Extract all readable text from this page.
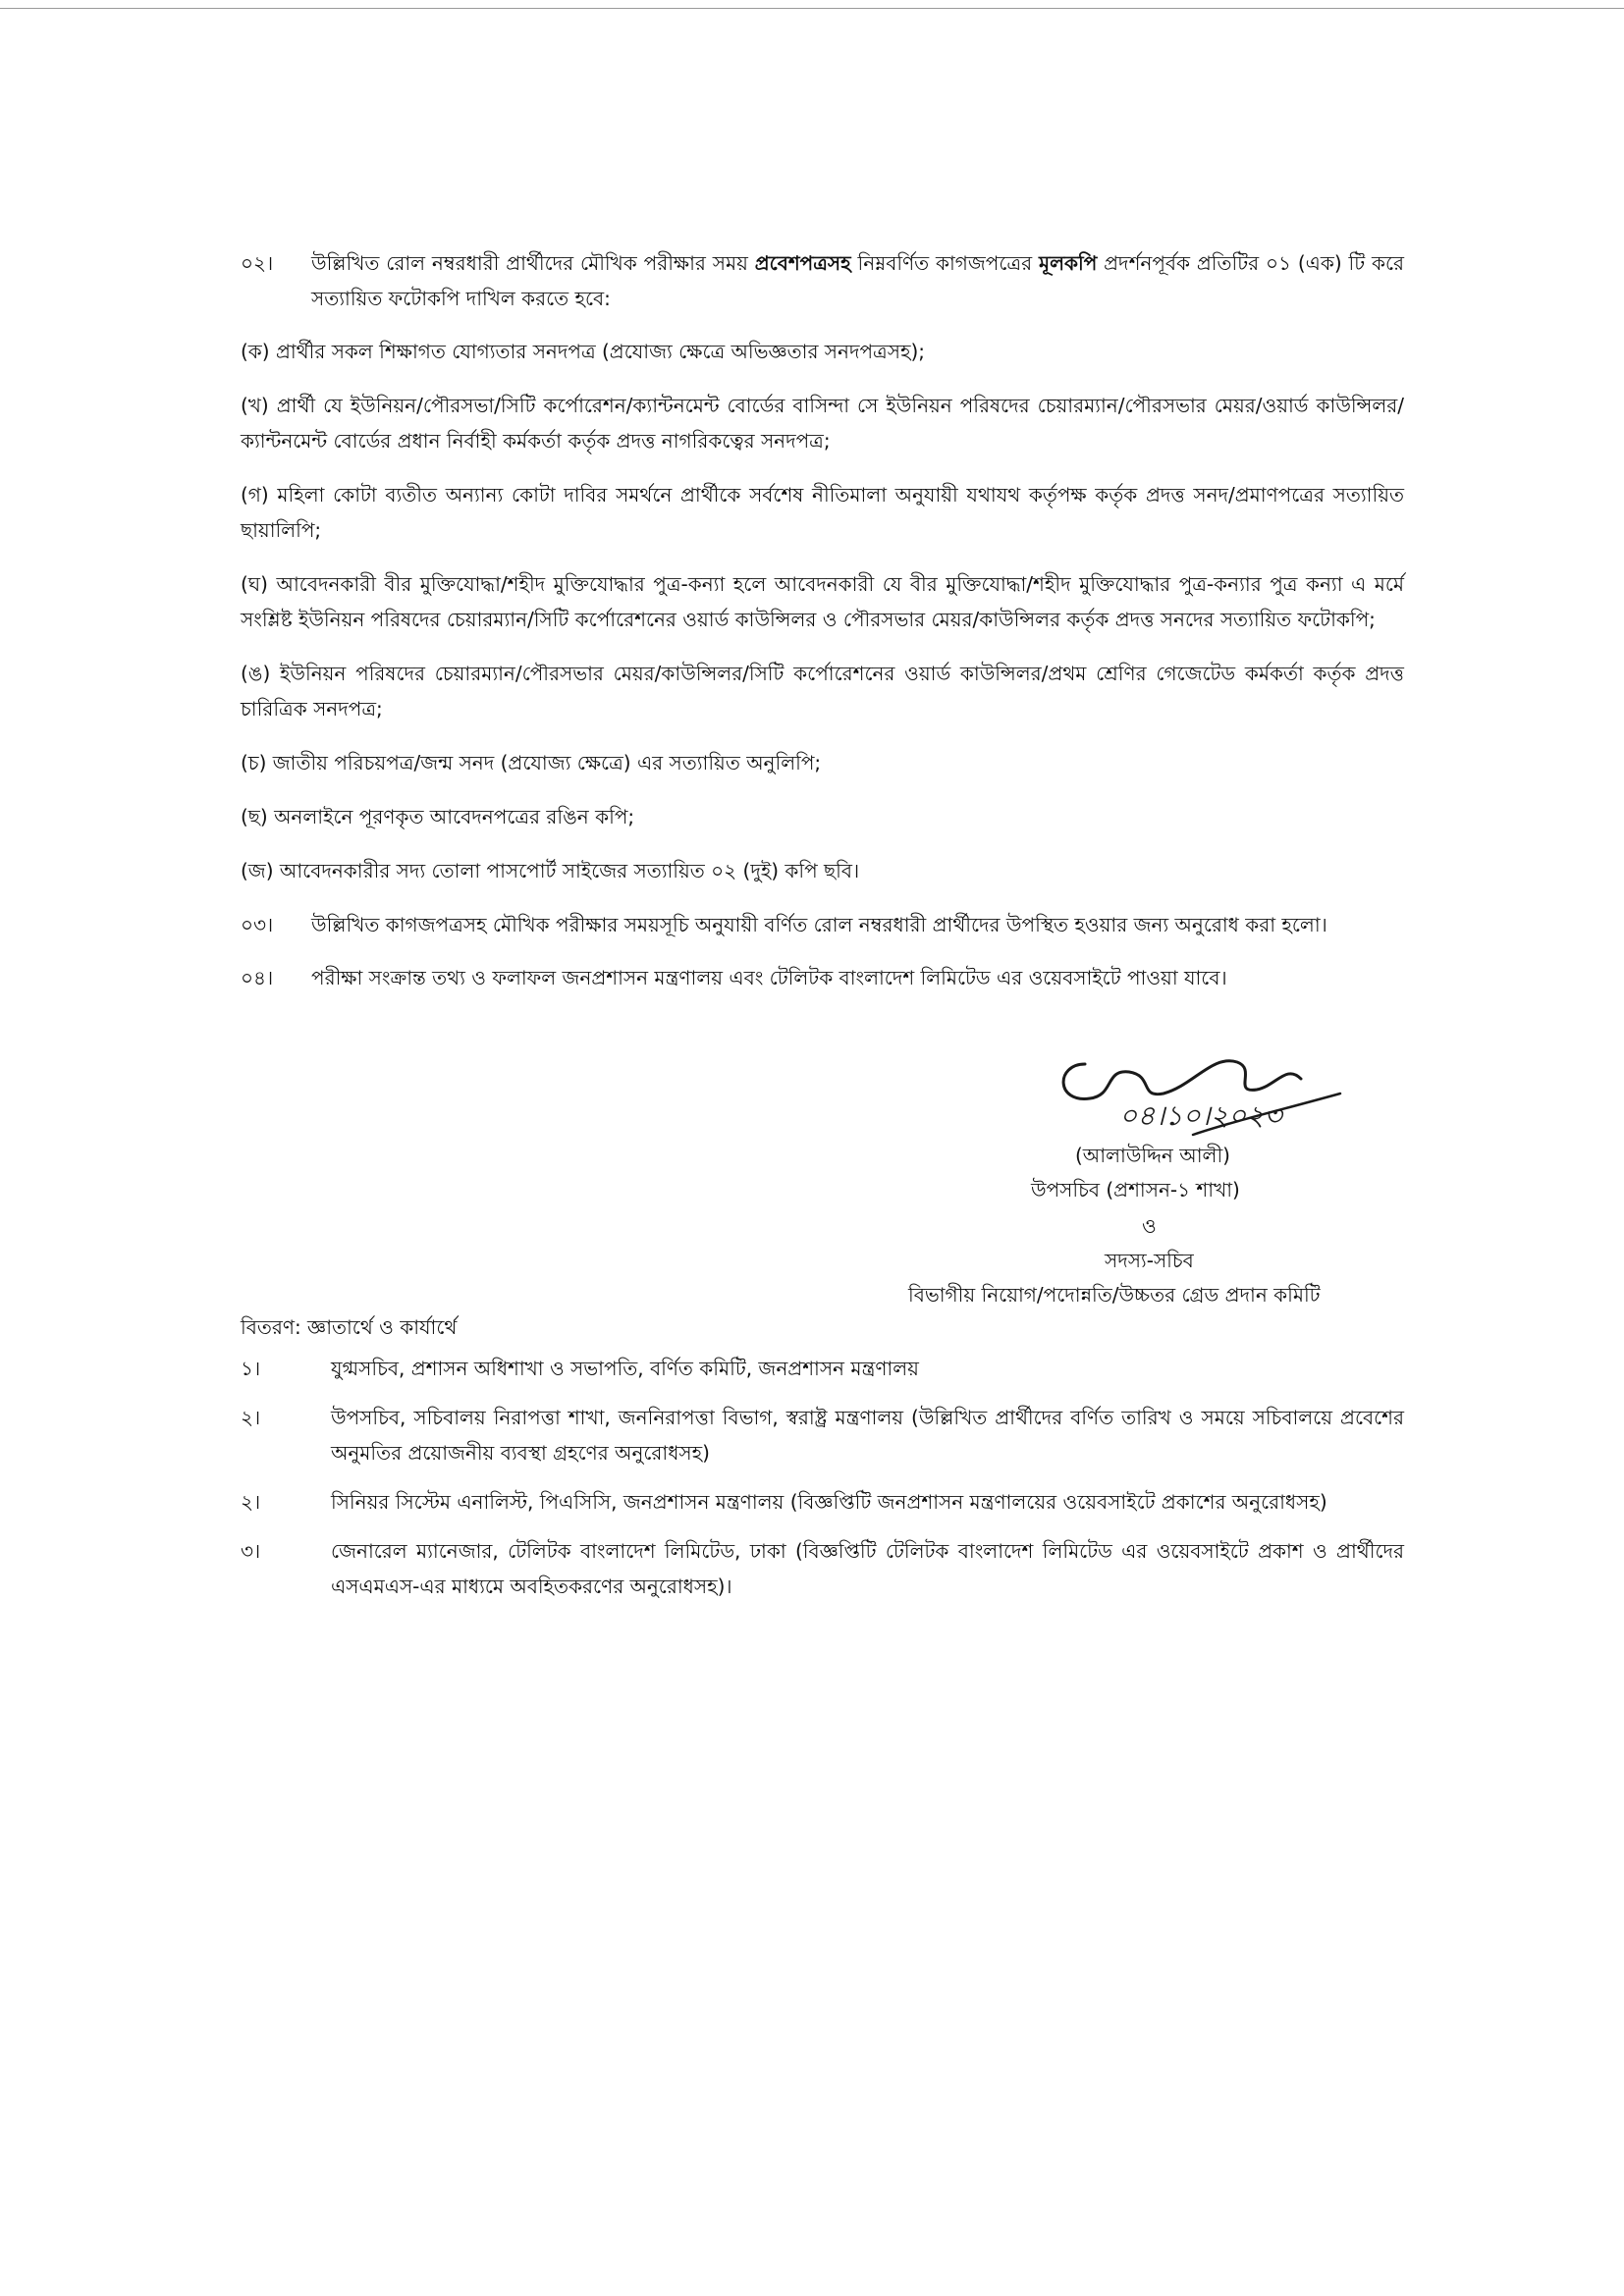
০২।	উল্লিখিত রোল নম্বরধারী প্রার্থীদের মৌখিক পরীক্ষার সময় প্রবেশপত্রসহ নিম্নবর্ণিত কাগজপত্রের মূলকপি প্রদর্শনপূর্বক প্রতিটির ০১ (এক) টি করে সত্যায়িত ফটোকপি দাখিল করতে হবে:
(ক) প্রার্থীর সকল শিক্ষাগত যোগ্যতার সনদপত্র (প্রযোজ্য ক্ষেত্রে অভিজ্ঞতার সনদপত্রসহ);
(খ) প্রার্থী যে ইউনিয়ন/পৌরসভা/সিটি কর্পোরেশন/ক্যান্টনমেন্ট বোর্ডের বাসিন্দা সে ইউনিয়ন পরিষদের চেয়ারম্যান/পৌরসভার মেয়র/ওয়ার্ড কাউন্সিলর/ক্যান্টনমেন্ট বোর্ডের প্রধান নির্বাহী কর্মকর্তা কর্তৃক প্রদত্ত নাগরিকত্বের সনদপত্র;
(গ) মহিলা কোটা ব্যতীত অন্যান্য কোটা দাবির সমর্থনে প্রার্থীকে সর্বশেষ নীতিমালা অনুযায়ী যথাযথ কর্তৃপক্ষ কর্তৃক প্রদত্ত সনদ/প্রমাণপত্রের সত্যায়িত ছায়ালিপি;
(ঘ) আবেদনকারী বীর মুক্তিযোদ্ধা/শহীদ মুক্তিযোদ্ধার পুত্র-কন্যা হলে আবেদনকারী যে বীর মুক্তিযোদ্ধা/শহীদ মুক্তিযোদ্ধার পুত্র-কন্যার পুত্র কন্যা এ মর্মে সংশ্লিষ্ট ইউনিয়ন পরিষদের চেয়ারম্যান/সিটি কর্পোরেশনের ওয়ার্ড কাউন্সিলর ও পৌরসভার মেয়র/কাউন্সিলর কর্তৃক প্রদত্ত সনদের সত্যায়িত ফটোকপি;
(ঙ) ইউনিয়ন পরিষদের চেয়ারম্যান/পৌরসভার মেয়র/কাউন্সিলর/সিটি কর্পোরেশনের ওয়ার্ড কাউন্সিলর/প্রথম শ্রেণির গেজেটেড কর্মকর্তা কর্তৃক প্রদত্ত চারিত্রিক সনদপত্র;
(চ) জাতীয় পরিচয়পত্র/জন্ম সনদ (প্রযোজ্য ক্ষেত্রে) এর সত্যায়িত অনুলিপি;
(ছ) অনলাইনে পূরণকৃত আবেদনপত্রের রঙিন কপি;
(জ) আবেদনকারীর সদ্য তোলা পাসপোর্ট সাইজের সত্যায়িত ০২ (দুই) কপি ছবি।
০৩।	উল্লিখিত কাগজপত্রসহ মৌখিক পরীক্ষার সময়সূচি অনুযায়ী বর্ণিত রোল নম্বরধারী প্রার্থীদের উপস্থিত হওয়ার জন্য অনুরোধ করা হলো।
০৪।	পরীক্ষা সংক্রান্ত তথ্য ও ফলাফল জনপ্রশাসন মন্ত্রণালয় এবং টেলিটক বাংলাদেশ লিমিটেড এর ওয়েবসাইটে পাওয়া যাবে।
০৪।১০।২০২৩
(আলাউদ্দিন আলী)
উপসচিব (প্রশাসন-১ শাখা)
ও
সদস্য-সচিব
বিভাগীয় নিয়োগ/পদোন্নতি/উচ্চতর গ্রেড প্রদান কমিটি
বিতরণ: জ্ঞাতার্থে ও কার্যার্থে
১।	যুগ্মসচিব, প্রশাসন অধিশাখা ও সভাপতি, বর্ণিত কমিটি, জনপ্রশাসন মন্ত্রণালয়
২।	উপসচিব, সচিবালয় নিরাপত্তা শাখা, জননিরাপত্তা বিভাগ, স্বরাষ্ট্র মন্ত্রণালয় (উল্লিখিত প্রার্থীদের বর্ণিত তারিখ ও সময়ে সচিবালয়ে প্রবেশের অনুমতির প্রয়োজনীয় ব্যবস্থা গ্রহণের অনুরোধসহ)
২।	সিনিয়র সিস্টেম এনালিস্ট, পিএসিসি, জনপ্রশাসন মন্ত্রণালয় (বিজ্ঞপ্তিটি জনপ্রশাসন মন্ত্রণালয়ের ওয়েবসাইটে প্রকাশের অনুরোধসহ)
৩।	জেনারেল ম্যানেজার, টেলিটক বাংলাদেশ লিমিটেড, ঢাকা (বিজ্ঞপ্তিটি টেলিটক বাংলাদেশ লিমিটেড এর ওয়েবসাইটে প্রকাশ ও প্রার্থীদের এসএমএস-এর মাধ্যমে অবহিতকরণের অনুরোধসহ)।
